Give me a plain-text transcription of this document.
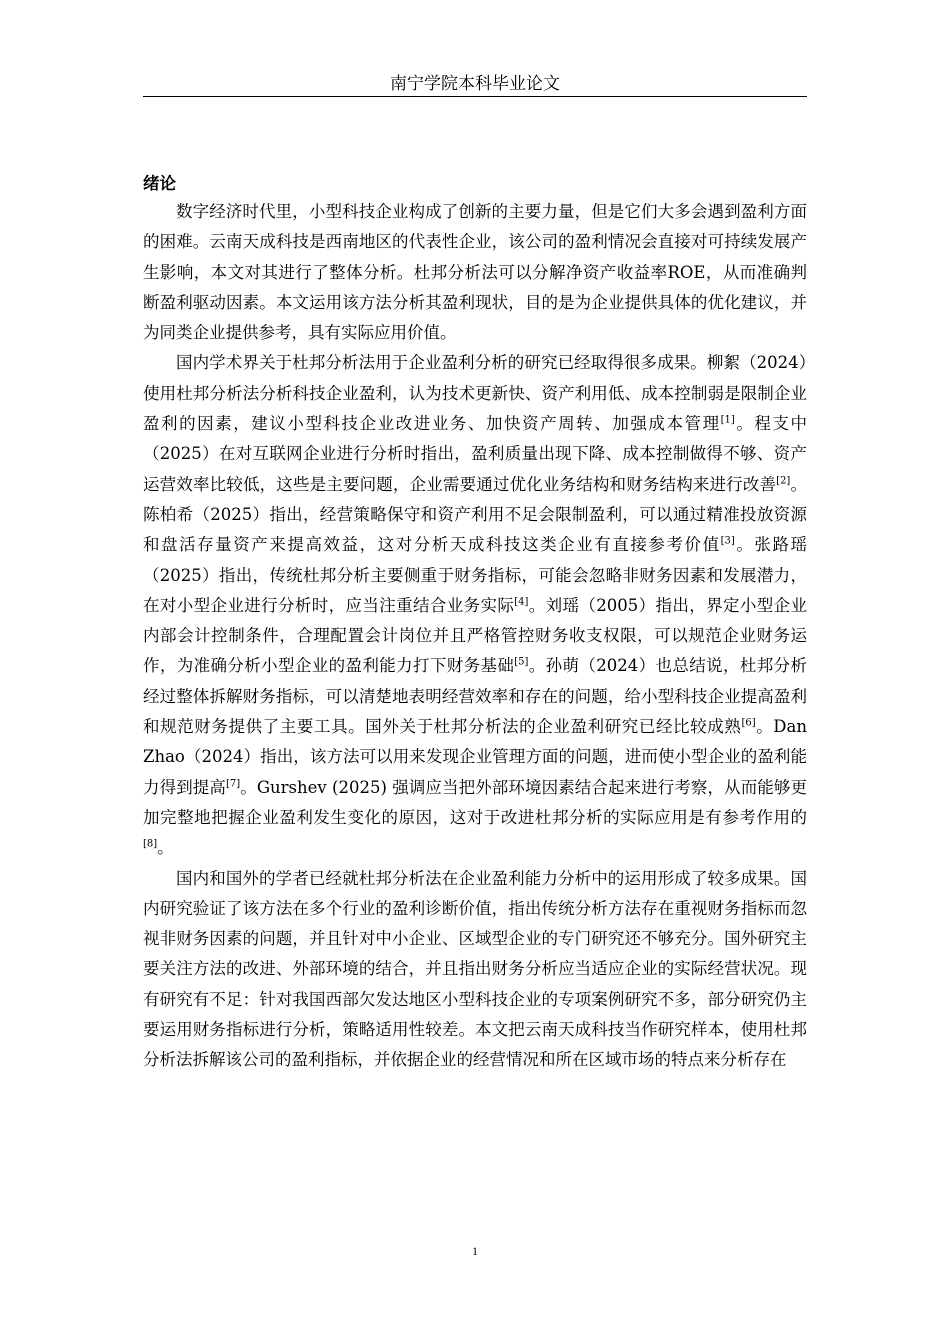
南宁学院本科毕业论文
绪论

数字经济时代里，小型科技企业构成了创新的主要力量，但是它们大多会遇到盈利方面的困难。云南天成科技是西南地区的代表性企业，该公司的盈利情况会直接对可持续发展产生影响，本文对其进行了整体分析。杜邦分析法可以分解净资产收益率ROE，从而准确判断盈利驱动因素。本文运用该方法分析其盈利现状，目的是为企业提供具体的优化建议，并为同类企业提供参考，具有实际应用价值。

国内学术界关于杜邦分析法用于企业盈利分析的研究已经取得很多成果。柳絮（2024）使用杜邦分析法分析科技企业盈利，认为技术更新快、资产利用低、成本控制弱是限制企业盈利的因素，建议小型科技企业改进业务、加快资产周转、加强成本管理[1]。程支中（2025）在对互联网企业进行分析时指出，盈利质量出现下降、成本控制做得不够、资产运营效率比较低，这些是主要问题，企业需要通过优化业务结构和财务结构来进行改善[2]。陈柏希（2025）指出，经营策略保守和资产利用不足会限制盈利，可以通过精准投放资源和盘活存量资产来提高效益，这对分析天成科技这类企业有直接参考价值[3]。张路瑶（2025）指出，传统杜邦分析主要侧重于财务指标，可能会忽略非财务因素和发展潜力，在对小型企业进行分析时，应当注重结合业务实际[4]。刘瑶（2005）指出，界定小型企业内部会计控制条件，合理配置会计岗位并且严格管控财务收支权限，可以规范企业财务运作，为准确分析小型企业的盈利能力打下财务基础[5]。孙萌（2024）也总结说，杜邦分析经过整体拆解财务指标，可以清楚地表明经营效率和存在的问题，给小型科技企业提高盈利和规范财务提供了主要工具。国外关于杜邦分析法的企业盈利研究已经比较成熟[6]。Dan Zhao（2024）指出，该方法可以用来发现企业管理方面的问题，进而使小型企业的盈利能力得到提高[7]。Gurshev (2025) 强调应当把外部环境因素结合起来进行考察，从而能够更加完整地把握企业盈利发生变化的原因，这对于改进杜邦分析的实际应用是有参考作用的[8]。

国内和国外的学者已经就杜邦分析法在企业盈利能力分析中的运用形成了较多成果。国内研究验证了该方法在多个行业的盈利诊断价值，指出传统分析方法存在重视财务指标而忽视非财务因素的问题，并且针对中小企业、区域型企业的专门研究还不够充分。国外研究主要关注方法的改进、外部环境的结合，并且指出财务分析应当适应企业的实际经营状况。现有研究有不足：针对我国西部欠发达地区小型科技企业的专项案例研究不多，部分研究仍主要运用财务指标进行分析，策略适用性较差。本文把云南天成科技当作研究样本，使用杜邦分析法拆解该公司的盈利指标，并依据企业的经营情况和所在区域市场的特点来分析存在

1
